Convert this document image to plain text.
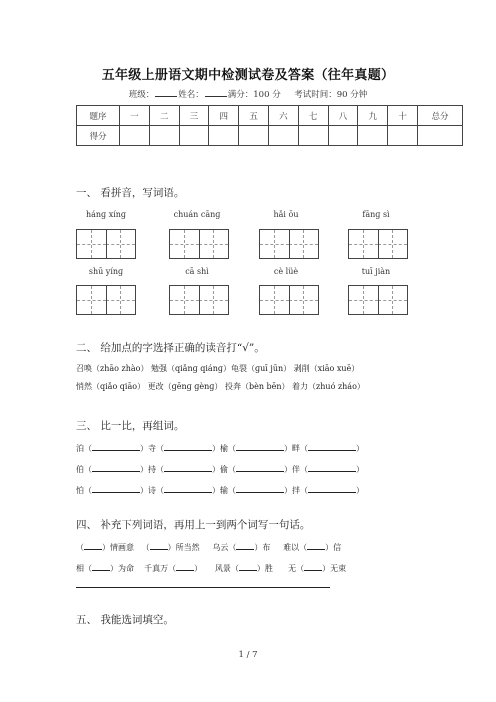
五年级上册语文期中检测试卷及答案（往年真题）
班级：	姓名：	满分：100 分 考试时间：90 分钟
题序	一	二	三	四	五	六	七	八	九	十	总分
得分											
一、 看拼音，写词语。
hánɡ xínɡ	chuán cānɡ	hǎi ōu	fānɡ sì
shū yínɡ	cā shì	cè lüè	tuī jiàn
二、 给加点的字选择正确的读音打“√”。
召唤（zhāo zhào） 勉强（qiǎnɡ qiánɡ）龟裂（ɡuī jūn） 剥削（xiāo xuē）
悄然（qiǎo qiāo） 更改（ɡēnɡ ɡènɡ） 投奔（bèn bēn） 着力（zhuó zháo）
三、 比一比，再组词。
泊（	）寺（	）榆（	）畔（	）
伯（	）持（	）偷（	）伴（	）
怕（	）诗（	）输（	）拌（	）
四、 补充下列词语，再用上一到两个词写一句话。
（ ）情画意   （ ）所当然 乌云（ ）布 难以（ ）信
相（ ）为命 千真万（ ）     风景（ ）胜 无（ ）无束
五、 我能选词填空。
1 / 7
